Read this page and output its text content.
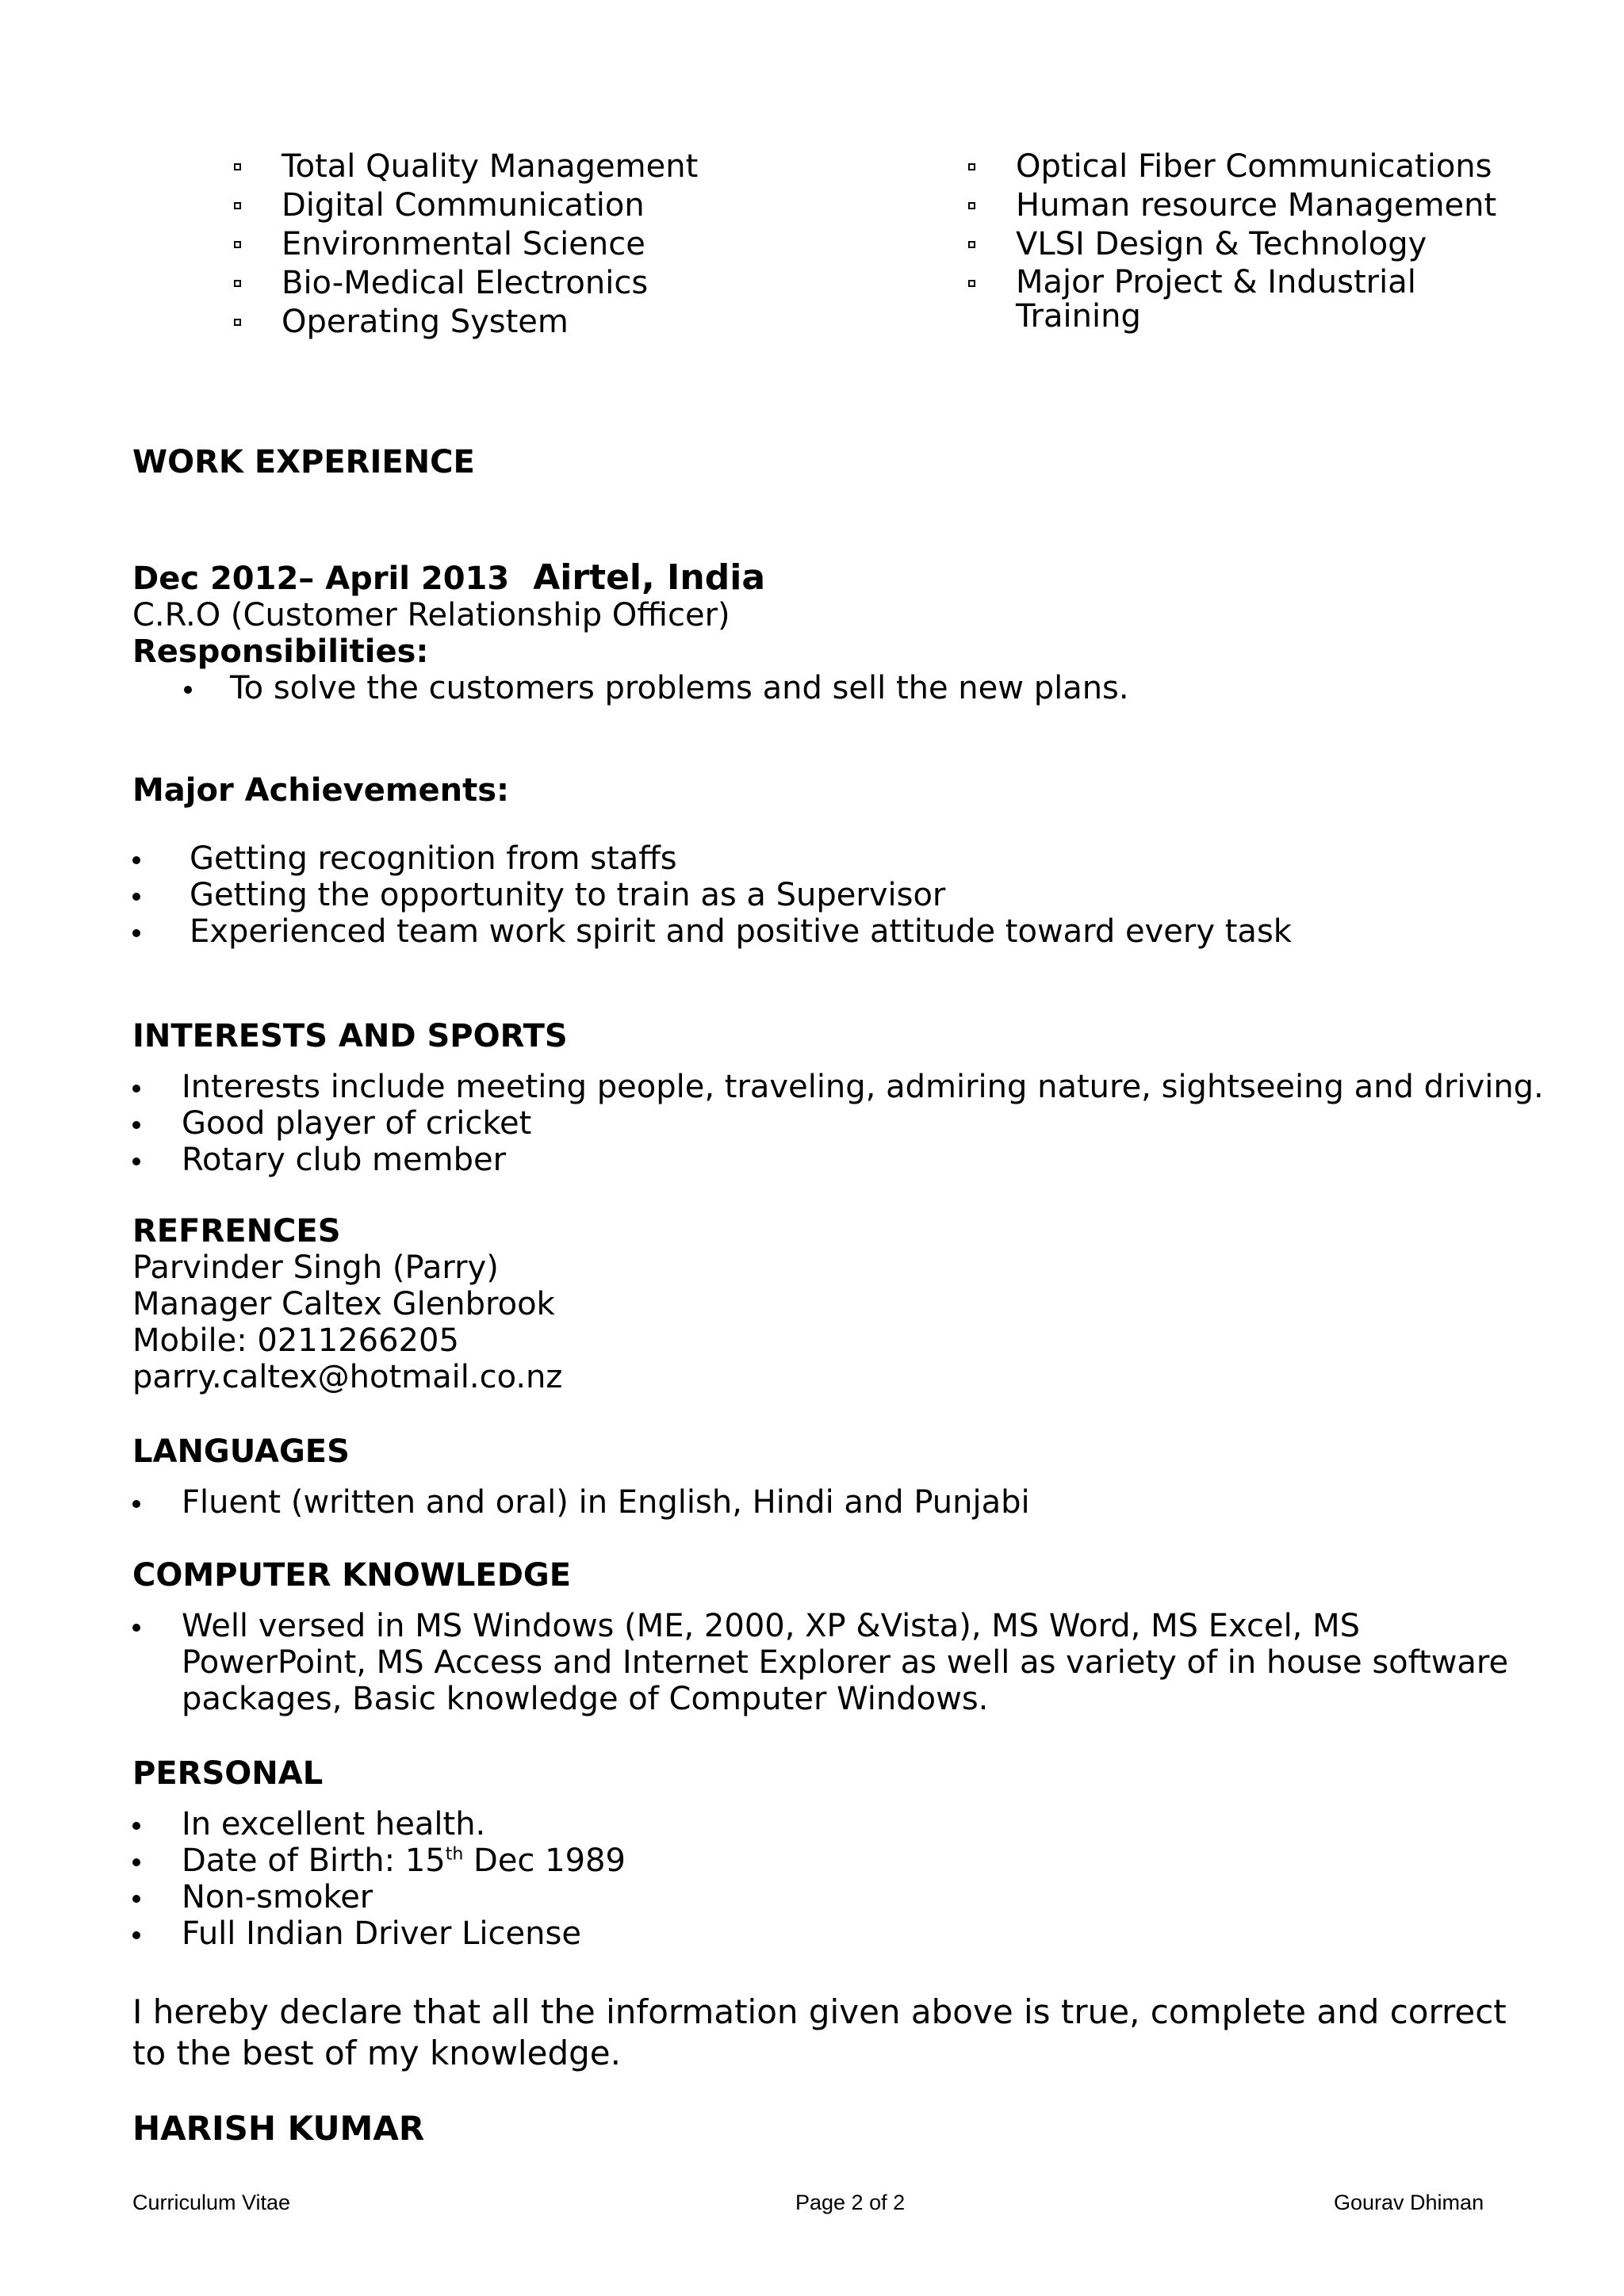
Total Quality Management
Digital Communication
Environmental Science
Bio-Medical Electronics
Operating System
Optical Fiber Communications
Human resource Management
VLSI Design & Technology
Major Project & Industrial
Training
WORK EXPERIENCE
Dec 2012– April 2013 Airtel, India
C.R.O (Customer Relationship Officer)
Responsibilities:
To solve the customers problems and sell the new plans.
Major Achievements:
Getting recognition from staffs
Getting the opportunity to train as a Supervisor
Experienced team work spirit and positive attitude toward every task
INTERESTS AND SPORTS
Interests include meeting people, traveling, admiring nature, sightseeing and driving.
Good player of cricket
Rotary club member
REFRENCES
Parvinder Singh (Parry)
Manager Caltex Glenbrook
Mobile: 0211266205
parry.caltex@hotmail.co.nz
LANGUAGES
Fluent (written and oral) in English, Hindi and Punjabi
COMPUTER KNOWLEDGE
Well versed in MS Windows (ME, 2000, XP &Vista), MS Word, MS Excel, MS
PowerPoint, MS Access and Internet Explorer as well as variety of in house software
packages, Basic knowledge of Computer Windows.
PERSONAL
In excellent health.
Date of Birth: 15th Dec 1989
Non-smoker
Full Indian Driver License
I hereby declare that all the information given above is true, complete and correct
to the best of my knowledge.
HARISH KUMAR
Curriculum Vitae	Page 2 of 2	Gourav Dhiman
